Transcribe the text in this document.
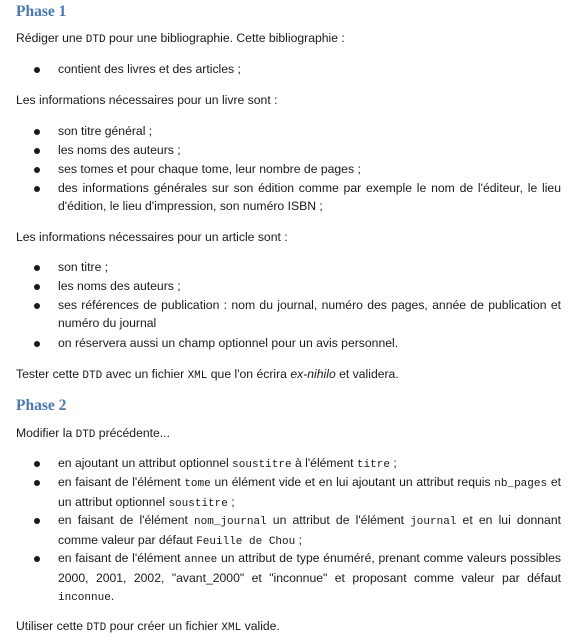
Phase 1

Rédiger une DTD pour une bibliographie. Cette bibliographie :

contient des livres et des articles ;

Les informations nécessaires pour un livre sont :

son titre général ;

les noms des auteurs ;

ses tomes et pour chaque tome, leur nombre de pages ;

des informations générales sur son édition comme par exemple le nom de l'éditeur, le lieu d'édition, le lieu d'impression, son numéro ISBN ;

Les informations nécessaires pour un article sont :

son titre ;

les noms des auteurs ;

ses références de publication : nom du journal, numéro des pages, année de publication et numéro du journal

on réservera aussi un champ optionnel pour un avis personnel.

Tester cette DTD avec un fichier XML que l'on écrira ex-nihilo et validera.

Phase 2

Modifier la DTD précédente...

en ajoutant un attribut optionnel soustitre à l'élément titre ;

en faisant de l'élément tome un élément vide et en lui ajoutant un attribut requis nb_pages et un attribut optionnel soustitre ;

en faisant de l'élément nom_journal un attribut de l'élément journal et en lui donnant comme valeur par défaut Feuille de Chou ;

en faisant de l'élément annee un attribut de type énuméré, prenant comme valeurs possibles 2000, 2001, 2002, "avant_2000" et "inconnue" et proposant comme valeur par défaut inconnue.

Utiliser cette DTD pour créer un fichier XML valide.
